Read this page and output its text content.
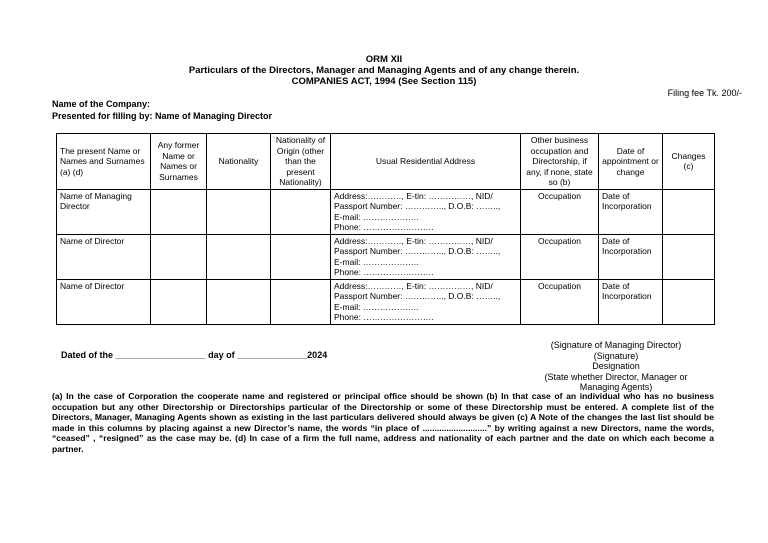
ORM XII
Particulars of the Directors, Manager and Managing Agents and of any change therein.
COMPANIES ACT, 1994 (See Section 115)
Filing fee Tk. 200/-
Name of the Company:
Presented for filling by: Name of Managing Director
The present Name or Names and Surnames (a) (d)	Any former Name or Names or Surnames	Nationality	Nationality of Origin (other than the present Nationality)	Usual Residential Address	Other business occupation and Directorship, if any, if none, state so (b)	Date of appointment or change	Changes (c)
Name of Managing Director				Address:…………, E-tin: ……………, NID/
Passport Number: ………….., D.O.B: ……..,
E-mail: ………………..
Phone: …………………….	Occupation	Date of Incorporation	
Name of Director				Address:…………, E-tin: ……………, NID/
Passport Number: ………….., D.O.B: ……..,
E-mail: ………………..
Phone: …………………….	Occupation	Date of Incorporation	
Name of Director				Address:…………, E-tin: ……………, NID/
Passport Number: ………….., D.O.B: ……..,
E-mail: ………………..
Phone: …………………….	Occupation	Date of Incorporation	
Dated of the __________________ day of ______________2024
(Signature of Managing Director)
(Signature)
Designation
(State whether Director, Manager or
Managing Agents)
(a) In the case of Corporation the cooperate name and registered or principal office should be shown (b) In that case of an individual who has no business occupation but any other Directorship or Directorships particular of the Directorship or some of these Directorship must be entered. A complete list of the Directors, Manager, Managing Agents shown as existing in the last particulars delivered should always be given (c) A Note of the changes the last list should be made in this columns by placing against a new Director’s name, the words “in place of ...........................” by writing against a new Directors, name the words, “ceased” , “resigned” as the case may be. (d) In case of a firm the full name, address and nationality of each partner and the date on which each become a partner.
